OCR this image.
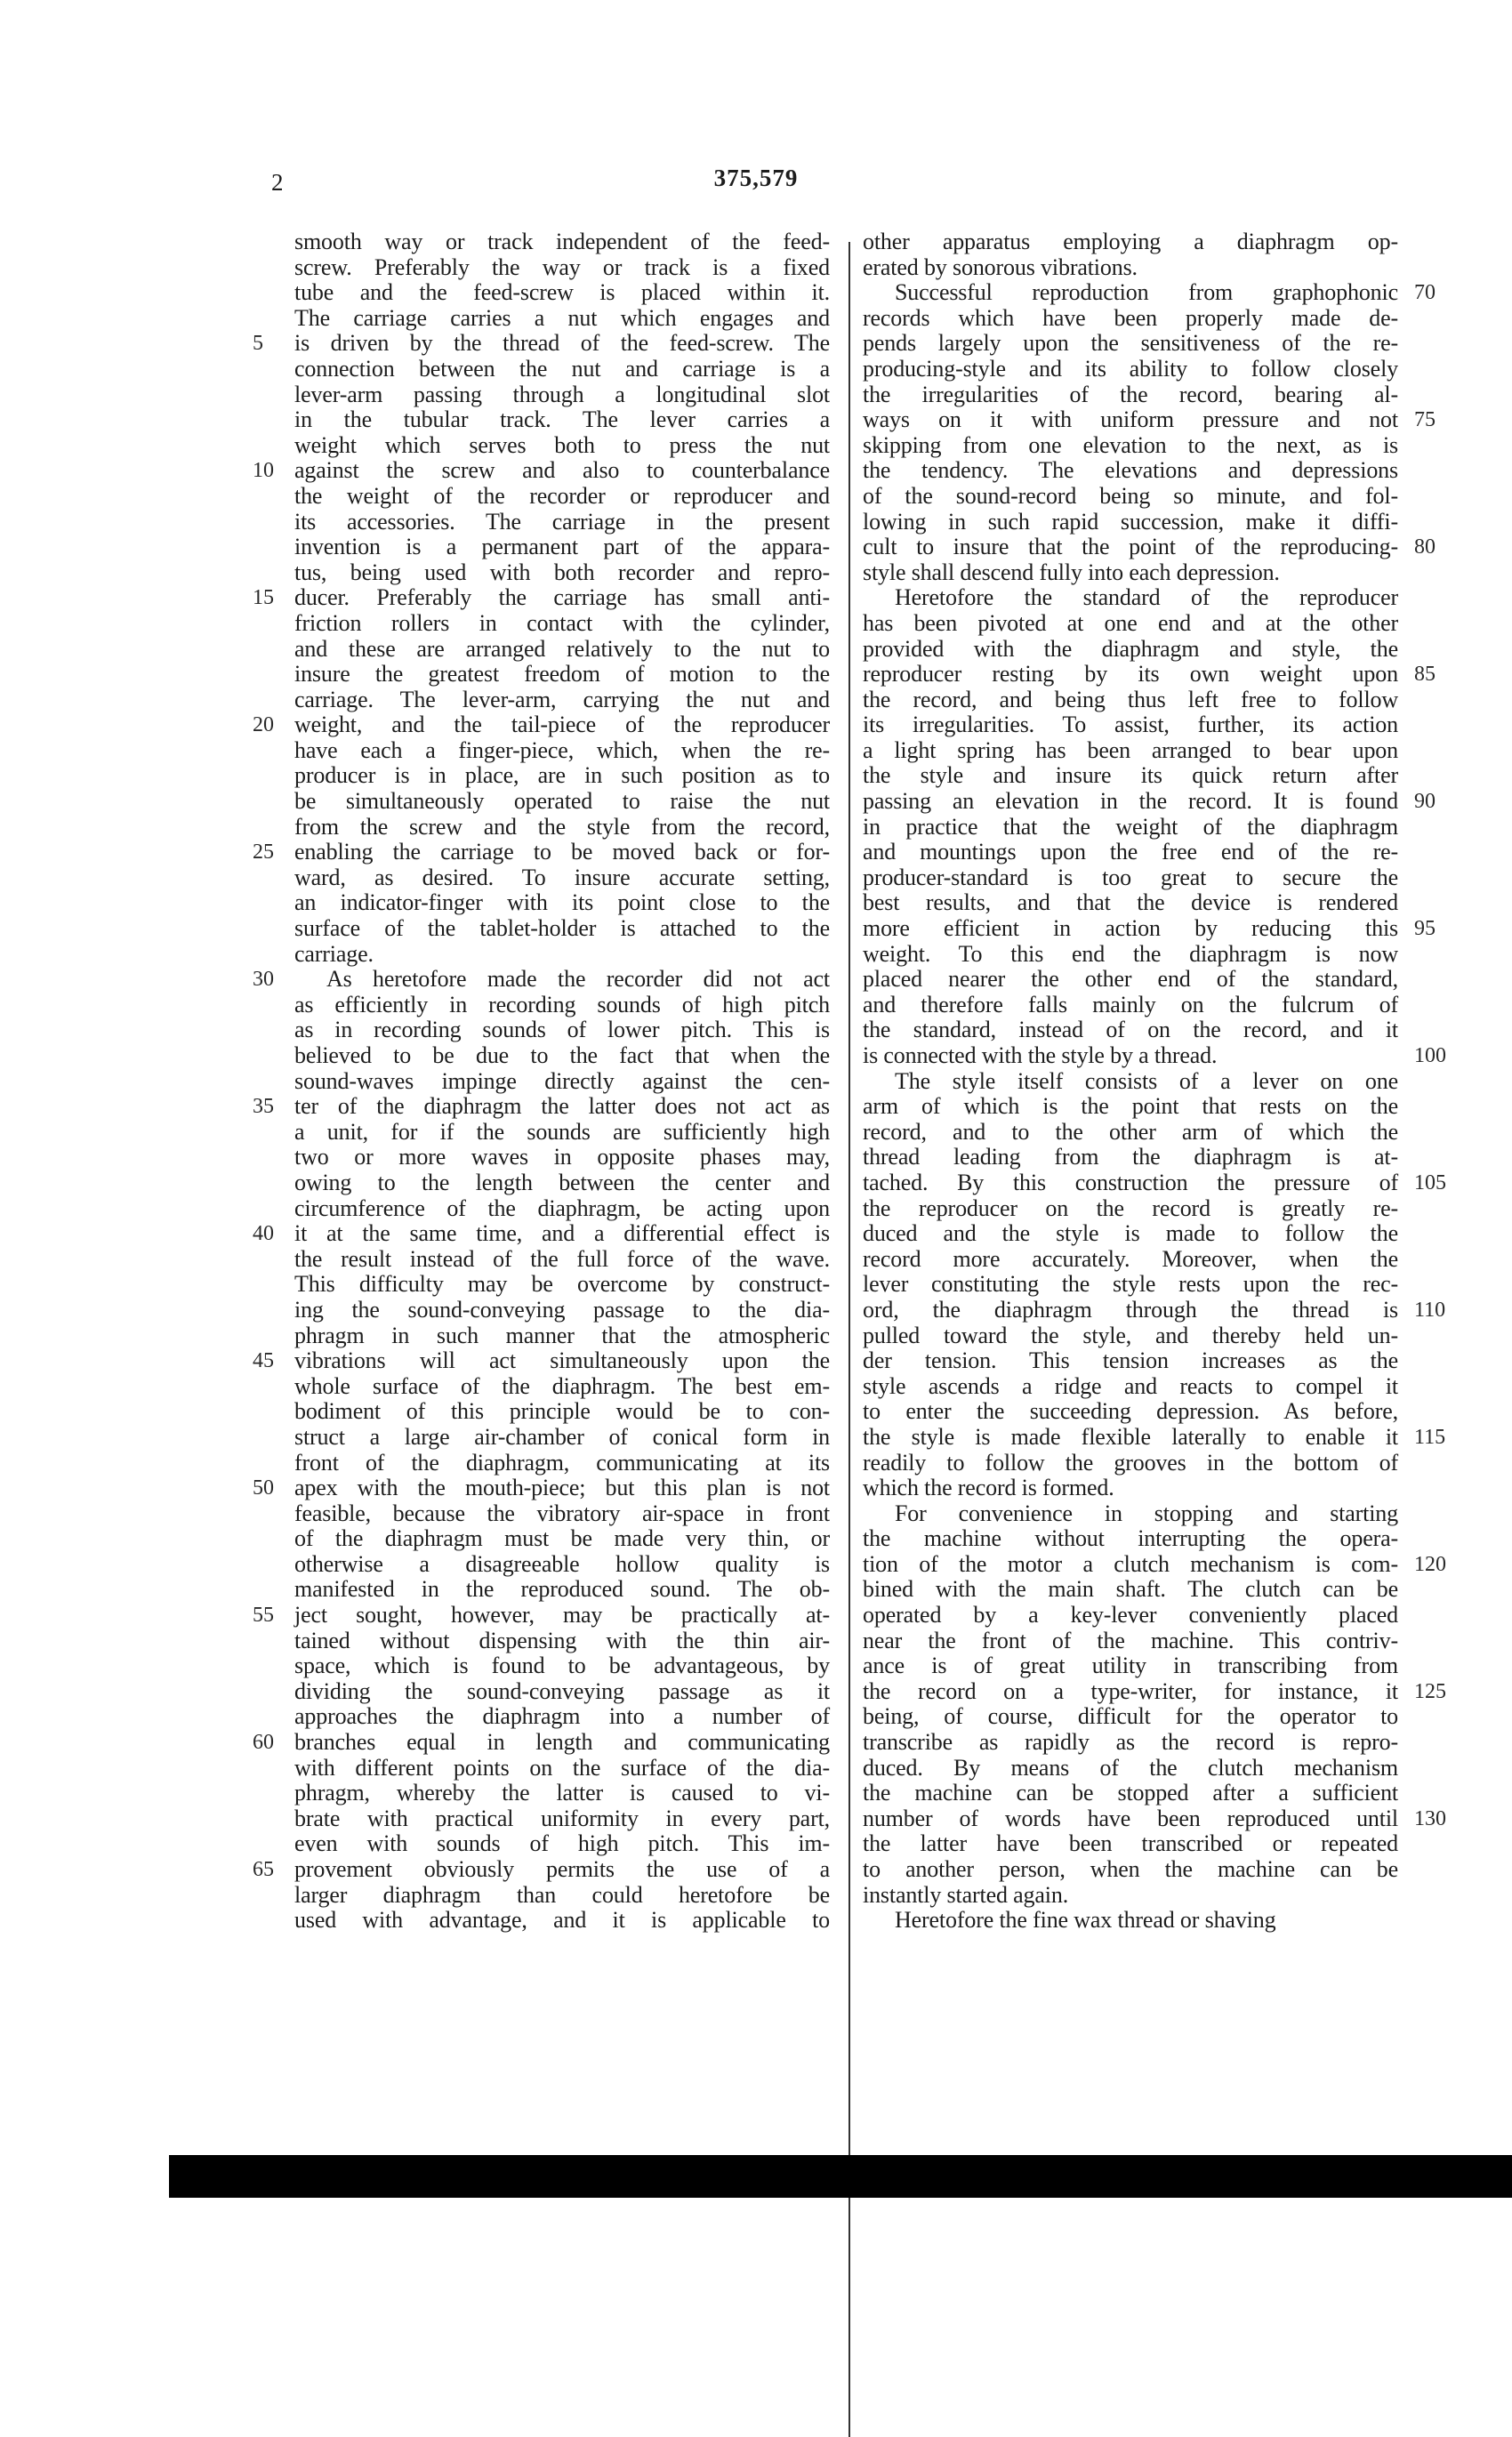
2	375,579
5
10
15
20
25
30
35
40
45
50
55
60
65
smooth way or track independent of the feed-
screw. Preferably the way or track is a fixed
tube and the feed-screw is placed within it.
The carriage carries a nut which engages and
is driven by the thread of the feed-screw. The
connection between the nut and carriage is a
lever-arm passing through a longitudinal slot
in the tubular track. The lever carries a
weight which serves both to press the nut
against the screw and also to counterbalance
the weight of the recorder or reproducer and
its accessories. The carriage in the present
invention is a permanent part of the appara-
tus, being used with both recorder and repro-
ducer. Preferably the carriage has small anti-
friction rollers in contact with the cylinder,
and these are arranged relatively to the nut to
insure the greatest freedom of motion to the
carriage. The lever-arm, carrying the nut and
weight, and the tail-piece of the reproducer
have each a finger-piece, which, when the re-
producer is in place, are in such position as to
be simultaneously operated to raise the nut
from the screw and the style from the record,
enabling the carriage to be moved back or for-
ward, as desired. To insure accurate setting,
an indicator-finger with its point close to the
surface of the tablet-holder is attached to the
carriage.
As heretofore made the recorder did not act
as efficiently in recording sounds of high pitch
as in recording sounds of lower pitch. This is
believed to be due to the fact that when the
sound-waves impinge directly against the cen-
ter of the diaphragm the latter does not act as
a unit, for if the sounds are sufficiently high
two or more waves in opposite phases may,
owing to the length between the center and
circumference of the diaphragm, be acting upon
it at the same time, and a differential effect is
the result instead of the full force of the wave.
This difficulty may be overcome by construct-
ing the sound-conveying passage to the dia-
phragm in such manner that the atmospheric
vibrations will act simultaneously upon the
whole surface of the diaphragm. The best em-
bodiment of this principle would be to con-
struct a large air-chamber of conical form in
front of the diaphragm, communicating at its
apex with the mouth-piece; but this plan is not
feasible, because the vibratory air-space in front
of the diaphragm must be made very thin, or
otherwise a disagreeable hollow quality is
manifested in the reproduced sound. The ob-
ject sought, however, may be practically at-
tained without dispensing with the thin air-
space, which is found to be advantageous, by
dividing the sound-conveying passage as it
approaches the diaphragm into a number of
branches equal in length and communicating
with different points on the surface of the dia-
phragm, whereby the latter is caused to vi-
brate with practical uniformity in every part,
even with sounds of high pitch. This im-
provement obviously permits the use of a
larger diaphragm than could heretofore be
used with advantage, and it is applicable to
other apparatus employing a diaphragm op-
erated by sonorous vibrations.
Successful reproduction from graphophonic
records which have been properly made de-
pends largely upon the sensitiveness of the re-
producing-style and its ability to follow closely
the irregularities of the record, bearing al-
ways on it with uniform pressure and not
skipping from one elevation to the next, as is
the tendency. The elevations and depressions
of the sound-record being so minute, and fol-
lowing in such rapid succession, make it diffi-
cult to insure that the point of the reproducing-
style shall descend fully into each depression.
Heretofore the standard of the reproducer
has been pivoted at one end and at the other
provided with the diaphragm and style, the
reproducer resting by its own weight upon
the record, and being thus left free to follow
its irregularities. To assist, further, its action
a light spring has been arranged to bear upon
the style and insure its quick return after
passing an elevation in the record. It is found
in practice that the weight of the diaphragm
and mountings upon the free end of the re-
producer-standard is too great to secure the
best results, and that the device is rendered
more efficient in action by reducing this
weight. To this end the diaphragm is now
placed nearer the other end of the standard,
and therefore falls mainly on the fulcrum of
the standard, instead of on the record, and it
is connected with the style by a thread.
The style itself consists of a lever on one
arm of which is the point that rests on the
record, and to the other arm of which the
thread leading from the diaphragm is at-
tached. By this construction the pressure of
the reproducer on the record is greatly re-
duced and the style is made to follow the
record more accurately. Moreover, when the
lever constituting the style rests upon the rec-
ord, the diaphragm through the thread is
pulled toward the style, and thereby held un-
der tension. This tension increases as the
style ascends a ridge and reacts to compel it
to enter the succeeding depression. As before,
the style is made flexible laterally to enable it
readily to follow the grooves in the bottom of
which the record is formed.
For convenience in stopping and starting
the machine without interrupting the opera-
tion of the motor a clutch mechanism is com-
bined with the main shaft. The clutch can be
operated by a key-lever conveniently placed
near the front of the machine. This contriv-
ance is of great utility in transcribing from
the record on a type-writer, for instance, it
being, of course, difficult for the operator to
transcribe as rapidly as the record is repro-
duced. By means of the clutch mechanism
the machine can be stopped after a sufficient
number of words have been reproduced until
the latter have been transcribed or repeated
to another person, when the machine can be
instantly started again.
Heretofore the fine wax thread or shaving
70
75
80
85
90
95
100
105
110
115
120
125
130
